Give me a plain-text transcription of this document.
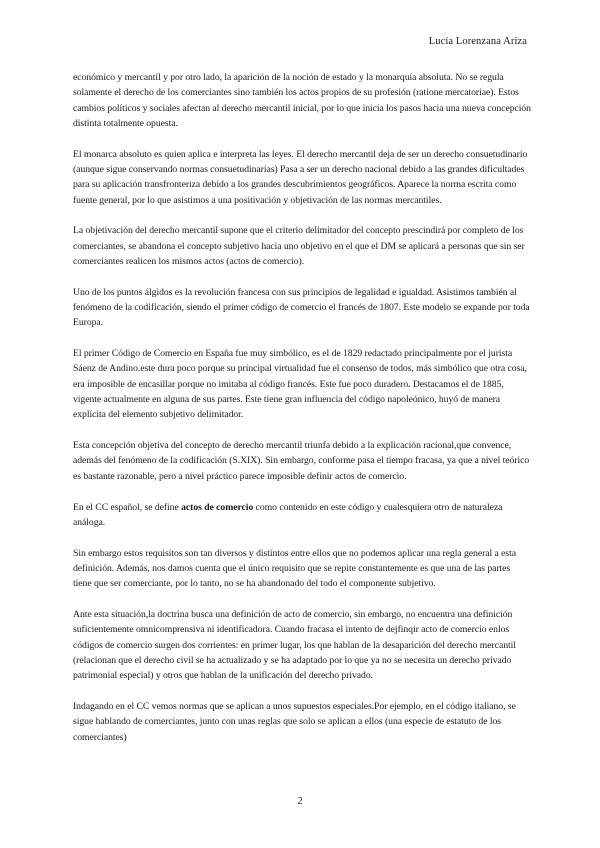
Lucía Lorenzana Ariza

económico y mercantil y por otro lado, la aparición de la noción de estado y la monarquía absoluta. No se regula solamente el derecho de los comerciantes sino también los actos propios de su profesión (ratione mercatoriae). Estos cambios políticos y sociales afectan al derecho mercantil inicial, por lo que inicia los pasos hacia una nueva concepción distinta totalmente opuesta.

El monarca absoluto es quien aplica e interpreta las leyes. El derecho mercantil deja de ser un derecho consuetudinario (aunque sigue conservando normas consuetudinarias) Pasa a ser un derecho nacional debido a las grandes dificultades para su aplicación transfronteriza debido a los grandes descubrimientos geográficos. Aparece la norma escrita como fuente general, por lo que asistimos a una positivación y objetivación de las normas mercantiles.

La objetivación del derecho mercantil supone que el criterio delimitador del concepto prescindirá por completo de los comerciantes, se abandona el concepto subjetivo hacia uno objetivo en el que el DM se aplicará a personas que sin ser comerciantes realicen los mismos actos (actos de comercio).

Uno de los puntos álgidos es la revolución francesa con sus principios de legalidad e igualdad. Asistimos también al fenómeno de la codificación, siendo el primer código de comercio el francés de 1807. Este modelo se expande por toda Europa.

El primer Código de Comercio en España fue muy simbólico, es el de 1829 redactado principalmente por el jurista Sáenz de Andino.este dura poco porque su principal virtualidad fue el consenso de todos, más simbólico que otra cosa, era imposible de encasillar porque no imitaba al código francés. Este fue poco duradero. Destacamos el de 1885, vigente actualmente en alguna de sus partes. Este tiene gran influencia del código napoleónico, huyó de manera explícita del elemento subjetivo delimitador.

Esta concepción objetiva del concepto de derecho mercantil triunfa debido a la explicación racional,que convence, además del fenómeno de la codificación (S.XIX). Sin embargo, conforme pasa el tiempo fracasa, ya que a nivel teórico es bastante razonable, pero a nivel práctico parece imposible definir actos de comercio.

En el CC español, se define actos de comercio como contenido en este código y cualesquiera otro de naturaleza análoga.

Sin embargo estos requisitos son tan diversos y distintos entre ellos que no podemos aplicar una regla general a esta definición. Además, nos damos cuenta que el único requisito que se repite constantemente es que una de las partes tiene que ser comerciante, por lo tanto, no se ha abandonado del todo el componente subjetivo.

Ante esta situación,la doctrina busca una definición de acto de comercio, sin embargo, no encuentra una definición suficientemente omnicomprensiva ni identificadora. Cuando fracasa el intento de dejfinqir acto de comercio enlos códigos de comercio surgen dos corrientes: en primer lugar, los que hablan de la desaparición del derecho mercantil (relacionan que el derecho civil se ha actualizado y se ha adaptado por lo que ya no se necesita un derecho privado patrimonial especial) y otros que hablan de la unificación del derecho privado.

Indagando en el CC vemos normas que se aplican a unos supuestos especiales.Por ejemplo, en el código italiano, se sigue hablando de comerciantes, junto con unas reglas que solo se aplican a ellos (una especie de estatuto de los comerciantes)

2
